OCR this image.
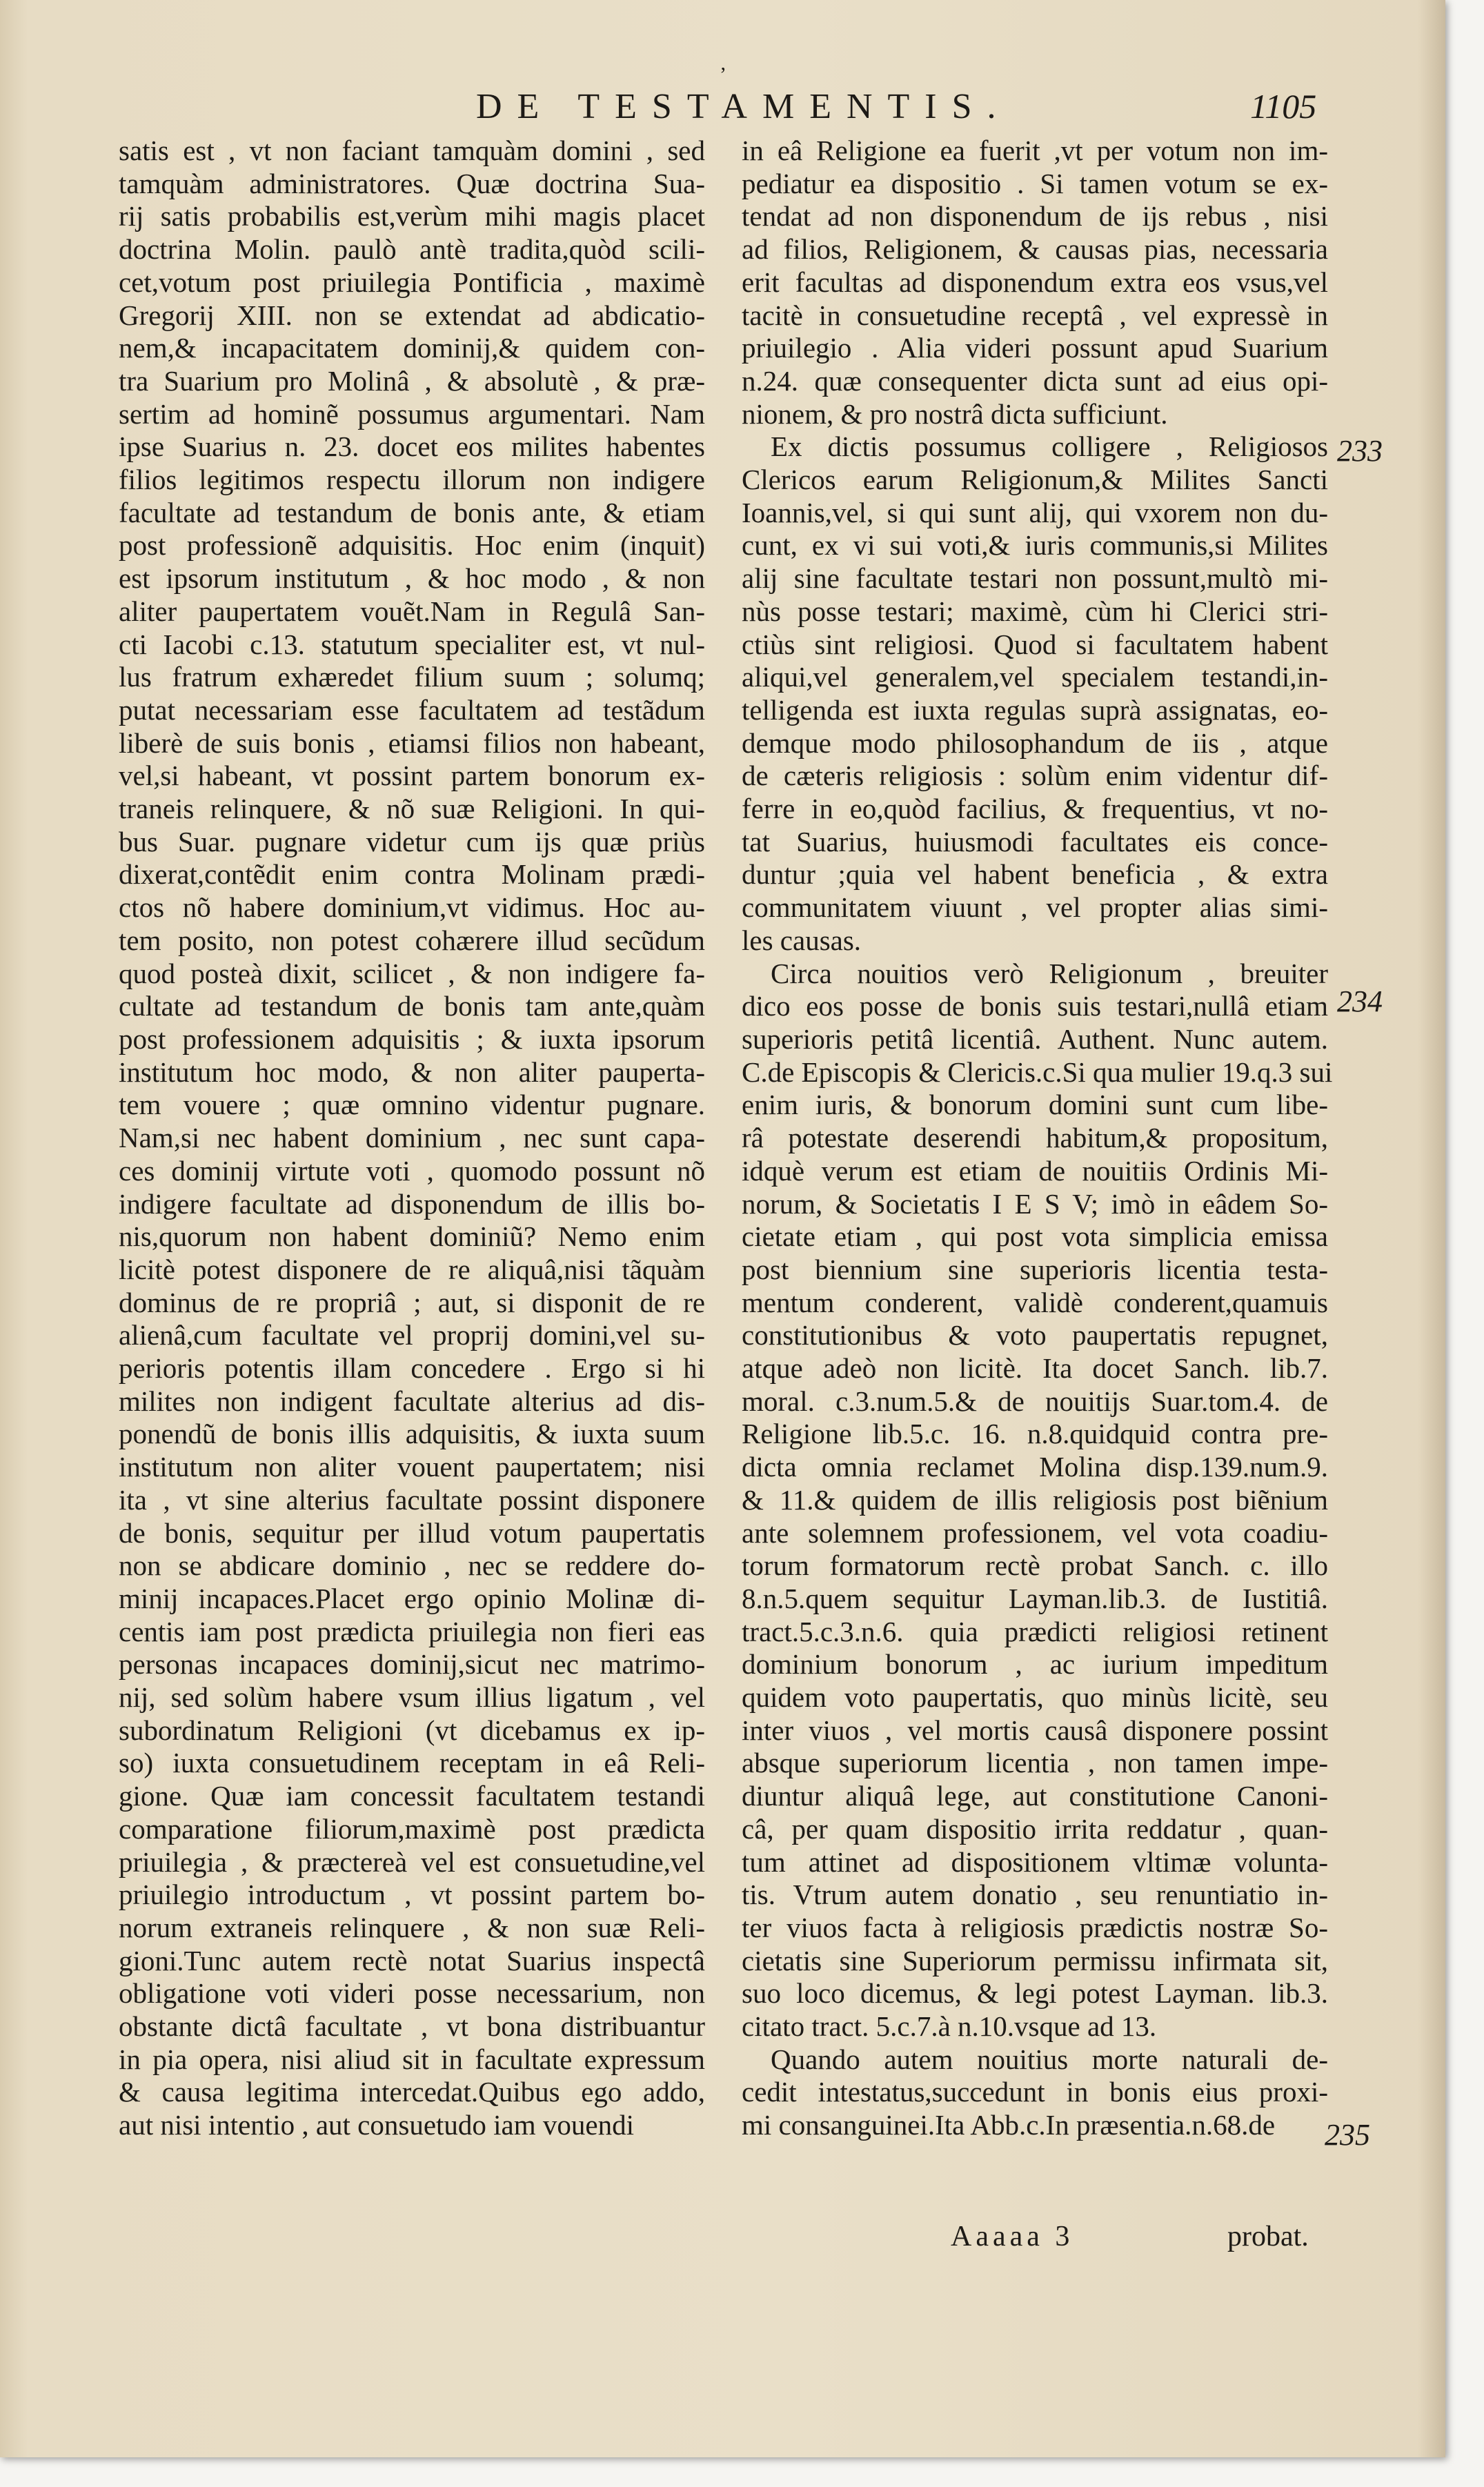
ʼ
DE TESTAMENTIS.	1105
satis est , vt non faciant tamquàm domini , sed
tamquàm administratores. Quæ doctrina Sua-
rij satis probabilis est,verùm mihi magis placet
doctrina Molin. paulò antè tradita,quòd scili-
cet,votum post priuilegia Pontificia , maximè
Gregorij XIII. non se extendat ad abdicatio-
nem,& incapacitatem dominij,& quidem con-
tra Suarium pro Molinâ , & absolutè , & præ-
sertim ad hominẽ possumus argumentari. Nam
ipse Suarius n. 23. docet eos milites habentes
filios legitimos respectu illorum non indigere
facultate ad testandum de bonis ante, & etiam
post professionẽ adquisitis. Hoc enim (inquit)
est ipsorum institutum , & hoc modo , & non
aliter paupertatem vouẽt.Nam in Regulâ San-
cti Iacobi c.13. statutum specialiter est, vt nul-
lus fratrum exhæredet filium suum ; solumq;
putat necessariam esse facultatem ad testãdum
liberè de suis bonis , etiamsi filios non habeant,
vel,si habeant, vt possint partem bonorum ex-
traneis relinquere, & nõ suæ Religioni. In qui-
bus Suar. pugnare videtur cum ijs quæ priùs
dixerat,contẽdit enim contra Molinam prædi-
ctos nõ habere dominium,vt vidimus. Hoc au-
tem posito, non potest cohærere illud secũdum
quod posteà dixit, scilicet , & non indigere fa-
cultate ad testandum de bonis tam ante,quàm
post professionem adquisitis ; & iuxta ipsorum
institutum hoc modo, & non aliter pauperta-
tem vouere ; quæ omnino videntur pugnare.
Nam,si nec habent dominium , nec sunt capa-
ces dominij virtute voti , quomodo possunt nõ
indigere facultate ad disponendum de illis bo-
nis,quorum non habent dominiũ? Nemo enim
licitè potest disponere de re aliquâ,nisi tãquàm
dominus de re propriâ ; aut, si disponit de re
alienâ,cum facultate vel proprij domini,vel su-
perioris potentis illam concedere . Ergo si hi
milites non indigent facultate alterius ad dis-
ponendũ de bonis illis adquisitis, & iuxta suum
institutum non aliter vouent paupertatem; nisi
ita , vt sine alterius facultate possint disponere
de bonis, sequitur per illud votum paupertatis
non se abdicare dominio , nec se reddere do-
minij incapaces.Placet ergo opinio Molinæ di-
centis iam post prædicta priuilegia non fieri eas
personas incapaces dominij,sicut nec matrimo-
nij, sed solùm habere vsum illius ligatum , vel
subordinatum Religioni (vt dicebamus ex ip-
so) iuxta consuetudinem receptam in eâ Reli-
gione. Quæ iam concessit facultatem testandi
comparatione filiorum,maximè post prædicta
priuilegia , & præctereà vel est consuetudine,vel
priuilegio introductum , vt possint partem bo-
norum extraneis relinquere , & non suæ Reli-
gioni.Tunc autem rectè notat Suarius inspectâ
obligatione voti videri posse necessarium, non
obstante dictâ facultate , vt bona distribuantur
in pia opera, nisi aliud sit in facultate expressum
& causa legitima intercedat.Quibus ego addo,
aut nisi intentio , aut consuetudo iam vouendi
in eâ Religione ea fuerit ,vt per votum non im-
pediatur ea dispositio . Si tamen votum se ex-
tendat ad non disponendum de ijs rebus , nisi
ad filios, Religionem, & causas pias, necessaria
erit facultas ad disponendum extra eos vsus,vel
tacitè in consuetudine receptâ , vel expressè in
priuilegio . Alia videri possunt apud Suarium
n.24. quæ consequenter dicta sunt ad eius opi-
nionem, & pro nostrâ dicta sufficiunt.
Ex dictis possumus colligere , Religiosos
Clericos earum Religionum,& Milites Sancti
Ioannis,vel, si qui sunt alij, qui vxorem non du-
cunt, ex vi sui voti,& iuris communis,si Milites
alij sine facultate testari non possunt,multò mi-
nùs posse testari; maximè, cùm hi Clerici stri-
ctiùs sint religiosi. Quod si facultatem habent
aliqui,vel generalem,vel specialem testandi,in-
telligenda est iuxta regulas suprà assignatas, eo-
demque modo philosophandum de iis , atque
de cæteris religiosis : solùm enim videntur dif-
ferre in eo,quòd facilius, & frequentius, vt no-
tat Suarius, huiusmodi facultates eis conce-
duntur ;quia vel habent beneficia , & extra
communitatem viuunt , vel propter alias simi-
les causas.
Circa nouitios verò Religionum , breuiter
dico eos posse de bonis suis testari,nullâ etiam
superioris petitâ licentiâ. Authent. Nunc autem.
C.de Episcopis & Clericis.c.Si qua mulier 19.q.3 sui
enim iuris, & bonorum domini sunt cum libe-
râ potestate deserendi habitum,& propositum,
idquè verum est etiam de nouitiis Ordinis Mi-
norum, & Societatis I E S V; imò in eâdem So-
cietate etiam , qui post vota simplicia emissa
post biennium sine superioris licentia testa-
mentum conderent, validè conderent,quamuis
constitutionibus & voto paupertatis repugnet,
atque adeò non licitè. Ita docet Sanch. lib.7.
moral. c.3.num.5.& de nouitijs Suar.tom.4. de
Religione lib.5.c. 16. n.8.quidquid contra pre-
dicta omnia reclamet Molina disp.139.num.9.
& 11.& quidem de illis religiosis post biẽnium
ante solemnem professionem, vel vota coadiu-
torum formatorum rectè probat Sanch. c. illo
8.n.5.quem sequitur Layman.lib.3. de Iustitiâ.
tract.5.c.3.n.6. quia prædicti religiosi retinent
dominium bonorum , ac iurium impeditum
quidem voto paupertatis, quo minùs licitè, seu
inter viuos , vel mortis causâ disponere possint
absque superiorum licentia , non tamen impe-
diuntur aliquâ lege, aut constitutione Canoni-
câ, per quam dispositio irrita reddatur , quan-
tum attinet ad dispositionem vltimæ volunta-
tis. Vtrum autem donatio , seu renuntiatio in-
ter viuos facta à religiosis prædictis nostræ So-
cietatis sine Superiorum permissu infirmata sit,
suo loco dicemus, & legi potest Layman. lib.3.
citato tract. 5.c.7.à n.10.vsque ad 13.
Quando autem nouitius morte naturali de-
cedit intestatus,succedunt in bonis eius proxi-
mi consanguinei.Ita Abb.c.In præsentia.n.68.de
233
234
235
Aaaaa 3	probat.
